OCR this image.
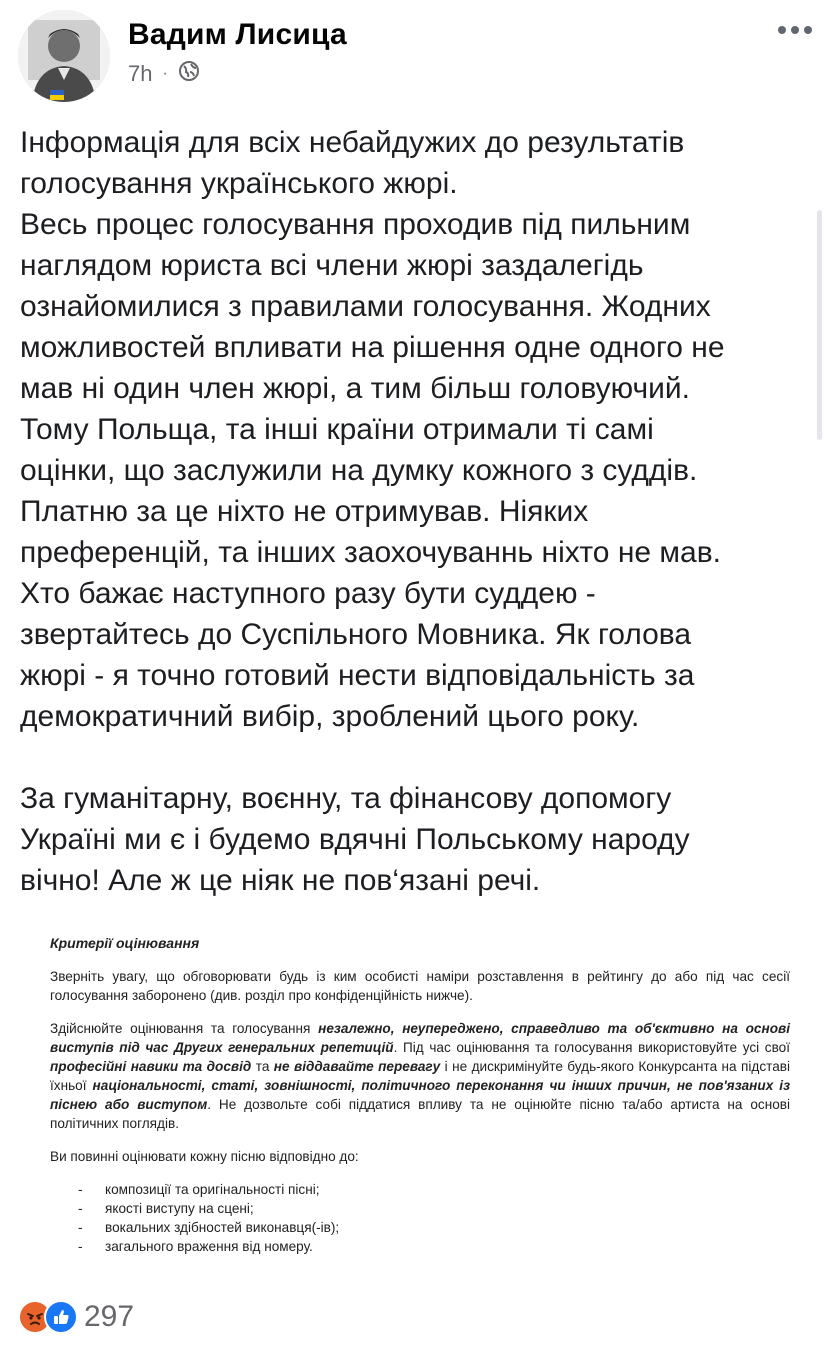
Вадим Лисица
7h ·
Інформація для всіх небайдужих до результатів
голосування українського жюрі.
Весь процес голосування проходив під пильним
наглядом юриста всі члени жюрі заздалегідь
ознайомилися з правилами голосування. Жодних
можливостей впливати на рішення одне одного не
мав ні один член жюрі, а тим більш головуючий.
Тому Польща, та інші країни отримали ті самі
оцінки, що заслужили на думку кожного з суддів.
Платню за це ніхто не отримував. Ніяких
преференцій, та інших заохочуваннь ніхто не мав.
Хто бажає наступного разу бути суддею -
звертайтесь до Суспільного Мовника. Як голова
жюрі - я точно готовий нести відповідальність за
демократичний вибір, зроблений цього року.

За гуманітарну, воєнну, та фінансову допомогу
Україні ми є і будемо вдячні Польському народу
вічно! Але ж це ніяк не пов‘язані речі.
Критерії оцінювання

Зверніть увагу, що обговорювати будь із ким особисті наміри розставлення в рейтингу до або під час сесії голосування заборонено (див. розділ про конфіденційність нижче).

Здійснюйте оцінювання та голосування незалежно, неупереджено, справедливо та об'єктивно на основі виступів під час Других генеральних репетицій. Під час оцінювання та голосування використовуйте усі свої професійні навики та досвід та не віддавайте перевагу і не дискримінуйте будь-якого Конкурсанта на підставі їхньої національності, статі, зовнішності, політичного переконання чи інших причин, не пов'язаних із піснею або виступом. Не дозвольте собі піддатися впливу та не оцінюйте пісню та/або артиста на основі політичних поглядів.

Ви повинні оцінювати кожну пісню відповідно до:

- композиції та оригінальності пісні;
- якості виступу на сцені;
- вокальних здібностей виконавця(-ів);
- загального враження від номеру.
297
